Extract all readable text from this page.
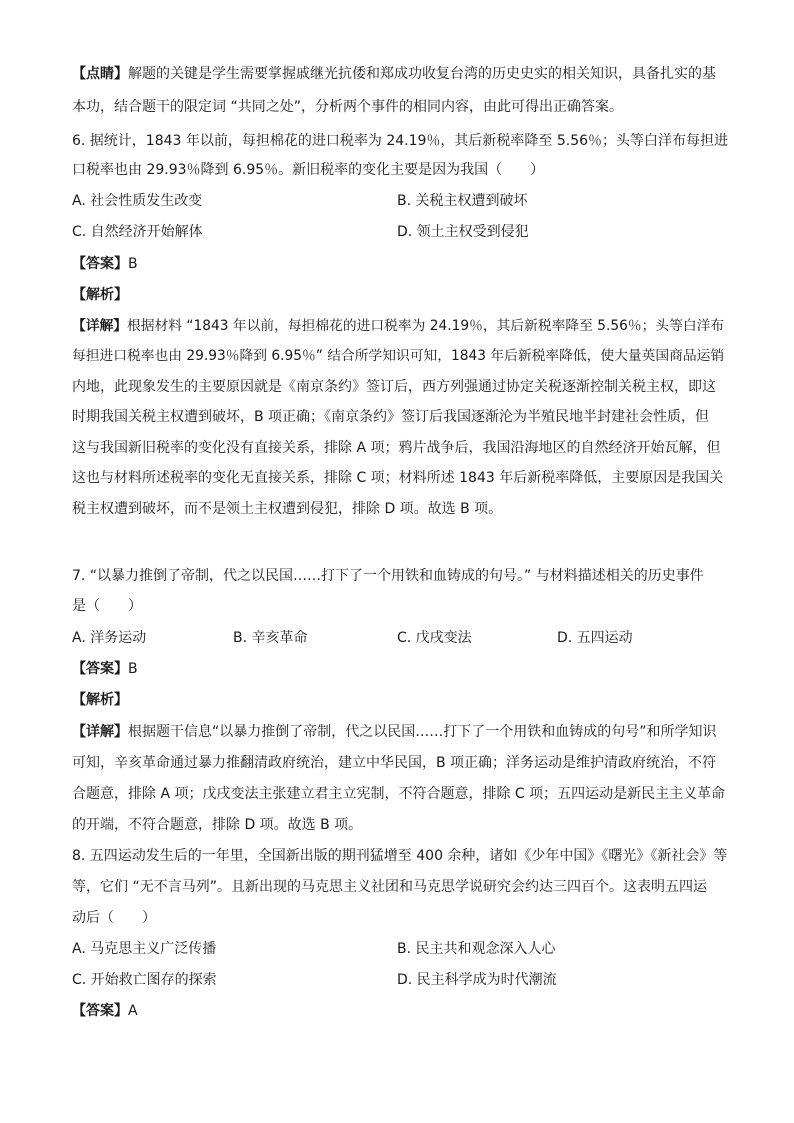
【点睛】解题的关键是学生需要掌握戚继光抗倭和郑成功收复台湾的历史史实的相关知识，具备扎实的基
本功，结合题干的限定词 “共同之处”，分析两个事件的相同内容，由此可得出正确答案。
6. 据统计，1843 年以前，每担棉花的进口税率为 24.19％，其后新税率降至 5.56％；头等白洋布每担进
口税率也由 29.93％降到 6.95％。新旧税率的变化主要是因为我国（　　）
A. 社会性质发生改变	B. 关税主权遭到破坏
C. 自然经济开始解体	D. 领土主权受到侵犯
【答案】B
【解析】
【详解】根据材料 “1843 年以前，每担棉花的进口税率为 24.19％，其后新税率降至 5.56％；头等白洋布
每担进口税率也由 29.93％降到 6.95％” 结合所学知识可知，1843 年后新税率降低，使大量英国商品运销
内地，此现象发生的主要原因就是《南京条约》签订后，西方列强通过协定关税逐渐控制关税主权，即这
时期我国关税主权遭到破坏，B 项正确；《南京条约》签订后我国逐渐沦为半殖民地半封建社会性质，但
这与我国新旧税率的变化没有直接关系，排除 A 项；鸦片战争后，我国沿海地区的自然经济开始瓦解，但
这也与材料所述税率的变化无直接关系，排除 C 项；材料所述 1843 年后新税率降低，主要原因是我国关
税主权遭到破坏，而不是领土主权遭到侵犯，排除 D 项。故选 B 项。
7. “以暴力推倒了帝制，代之以民国……打下了一个用铁和血铸成的句号。” 与材料描述相关的历史事件
是（　　）
A. 洋务运动	B. 辛亥革命	C. 戊戌变法	D. 五四运动
【答案】B
【解析】
【详解】根据题干信息“以暴力推倒了帝制，代之以民国……打下了一个用铁和血铸成的句号”和所学知识
可知，辛亥革命通过暴力推翻清政府统治，建立中华民国，B 项正确；洋务运动是维护清政府统治，不符
合题意，排除 A 项；戊戌变法主张建立君主立宪制，不符合题意，排除 C 项；五四运动是新民主主义革命
的开端，不符合题意，排除 D 项。故选 B 项。
8. 五四运动发生后的一年里，全国新出版的期刊猛增至 400 余种，诸如《少年中国》《曙光》《新社会》等
等，它们 “无不言马列”。且新出现的马克思主义社团和马克思学说研究会约达三四百个。这表明五四运
动后（　　）
A. 马克思主义广泛传播	B. 民主共和观念深入人心
C. 开始救亡图存的探索	D. 民主科学成为时代潮流
【答案】A
